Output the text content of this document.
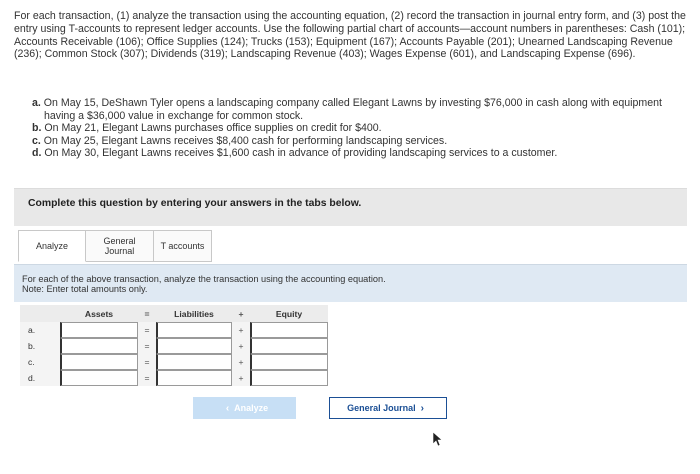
For each transaction, (1) analyze the transaction using the accounting equation, (2) record the transaction in journal entry form, and (3) post the entry using T-accounts to represent ledger accounts. Use the following partial chart of accounts—account numbers in parentheses: Cash (101); Accounts Receivable (106); Office Supplies (124); Trucks (153); Equipment (167); Accounts Payable (201); Unearned Landscaping Revenue (236); Common Stock (307); Dividends (319); Landscaping Revenue (403); Wages Expense (601), and Landscaping Expense (696).
a. On May 15, DeShawn Tyler opens a landscaping company called Elegant Lawns by investing $76,000 in cash along with equipment having a $36,000 value in exchange for common stock.
b. On May 21, Elegant Lawns purchases office supplies on credit for $400.
c. On May 25, Elegant Lawns receives $8,400 cash for performing landscaping services.
d. On May 30, Elegant Lawns receives $1,600 cash in advance of providing landscaping services to a customer.
Complete this question by entering your answers in the tabs below.
Analyze	General
Journal	T accounts
For each of the above transaction, analyze the transaction using the accounting equation.
Note: Enter total amounts only.
	Assets	=	Liabilities	+	Equity
a.		=		+	

b.		=		+	

c.		=		+	

d.		=		+	
‹ Analyze	General Journal ›
